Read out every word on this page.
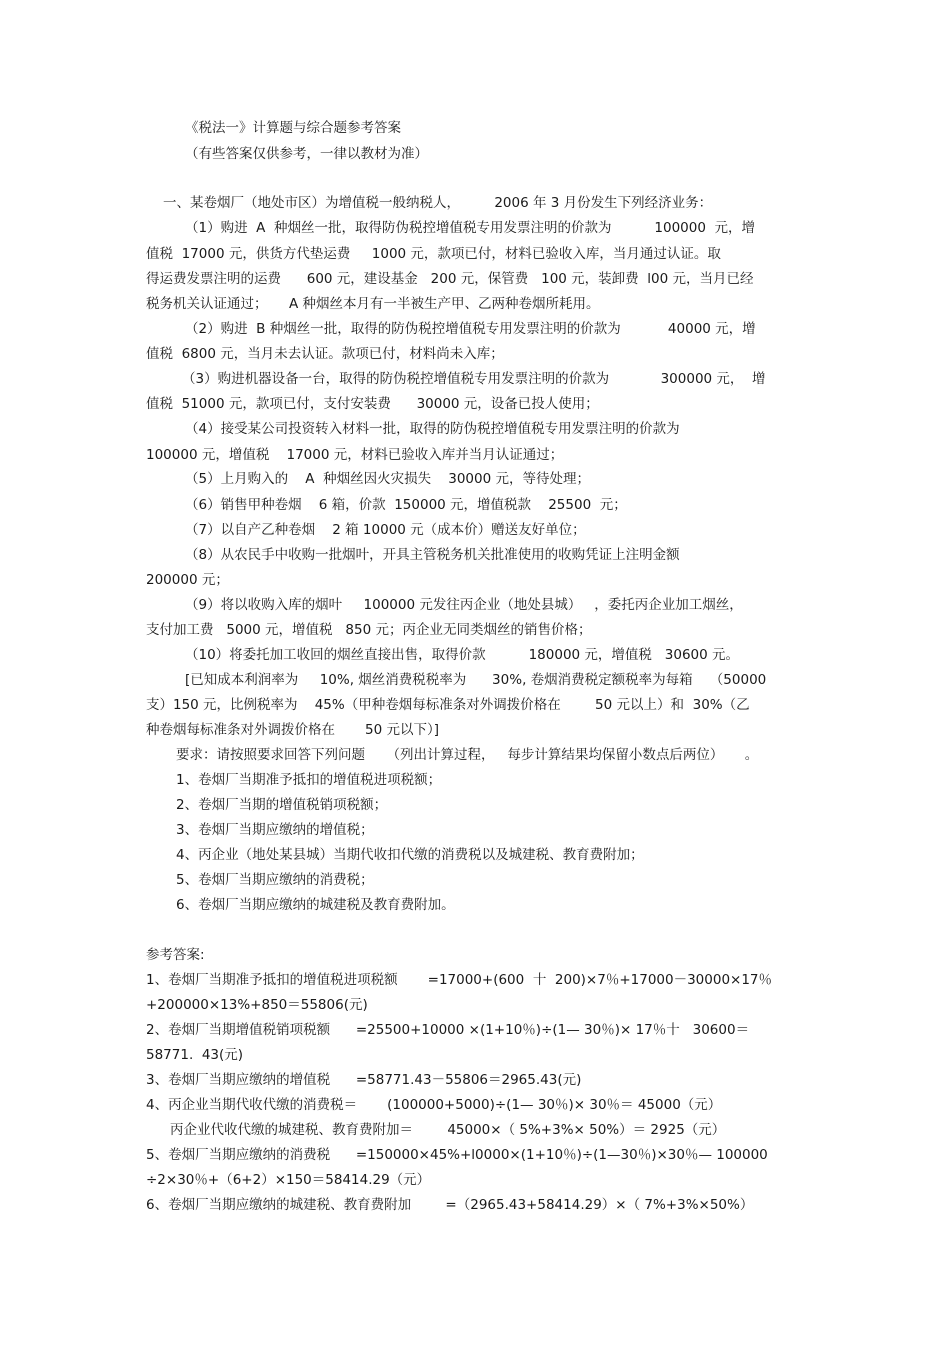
《税法一》计算题与综合题参考答案
（有些答案仅供参考，一律以教材为准）
一、某卷烟厂（地处市区）为增值税一般纳税人，        2006 年 3 月份发生下列经济业务：
（1）购进  A  种烟丝一批，取得防伪税控增值税专用发票注明的价款为          100000  元，增
值税  17000 元，供货方代垫运费     1000 元，款项已付，材料已验收入库，当月通过认证。取
得运费发票注明的运费      600 元，建设基金   200 元，保管费   100 元，装卸费  l00 元，当月已经
税务机关认证通过；     A 种烟丝本月有一半被生产甲、乙两种卷烟所耗用。
（2）购进  B 种烟丝一批，取得的防伪税控增值税专用发票注明的价款为           40000 元，增
值税  6800 元，当月未去认证。款项已付，材料尚未入库；
（3）购进机器设备一台，取得的防伪税控增值税专用发票注明的价款为            300000 元，  增
值税  51000 元，款项已付，支付安装费      30000 元，设备已投人使用；
（4）接受某公司投资转入材料一批，取得的防伪税控增值税专用发票注明的价款为
100000 元，增值税    17000 元，材料已验收入库并当月认证通过；
（5）上月购入的    A  种烟丝因火灾损失    30000 元，等待处理；
（6）销售甲种卷烟    6 箱，价款  150000 元，增值税款    25500  元；
（7）以自产乙种卷烟    2 箱 10000 元（成本价）赠送友好单位；
（8）从农民手中收购一批烟叶，开具主管税务机关批准使用的收购凭证上注明金额
200000 元；
（9）将以收购入库的烟叶     100000 元发往丙企业（地处县城）   ，委托丙企业加工烟丝，
支付加工费   5000 元，增值税   850 元；丙企业无同类烟丝的销售价格；
（10）将委托加工收回的烟丝直接出售，取得价款          180000 元，增值税   30600 元。
[已知成本利润率为     10%, 烟丝消费税税率为      30%, 卷烟消费税定额税率为每箱    （50000
支）150 元，比例税率为    45%（甲种卷烟每标准条对外调拨价格在        50 元以上）和  30%（乙
种卷烟每标准条对外调拨价格在       50 元以下）]
要求：请按照要求回答下列问题     （列出计算过程，   每步计算结果均保留小数点后两位）     。
1、卷烟厂当期准予抵扣的增值税进项税额；
2、卷烟厂当期的增值税销项税额；
3、卷烟厂当期应缴纳的增值税；
4、丙企业（地处某县城）当期代收扣代缴的消费税以及城建税、教育费附加；
5、卷烟厂当期应缴纳的消费税；
6、卷烟厂当期应缴纳的城建税及教育费附加。
参考答案:
1、卷烟厂当期准予抵扣的增值税进项税额       =17000+(600  十  200)×7％+17000－30000×17％
+200000×13%+850＝55806(元)
2、卷烟厂当期增值税销项税额      =25500+10000 ×(1+10％)÷(1— 30％)× 17％十   30600＝
58771.  43(元)
3、卷烟厂当期应缴纳的增值税      =58771.43－55806＝2965.43(元)
4、丙企业当期代收代缴的消费税＝       (100000+5000)÷(1— 30％)× 30％＝ 45000（元）
丙企业代收代缴的城建税、教育费附加＝        45000×（ 5%+3%× 50%）＝ 2925（元）
5、卷烟厂当期应缴纳的消费税      =150000×45%+l0000×(1+10％)÷(1—30％)×30％— 100000
÷2×30％+（6+2）×150＝58414.29（元）
6、卷烟厂当期应缴纳的城建税、教育费附加        =（2965.43+58414.29）×（ 7%+3%×50%）
